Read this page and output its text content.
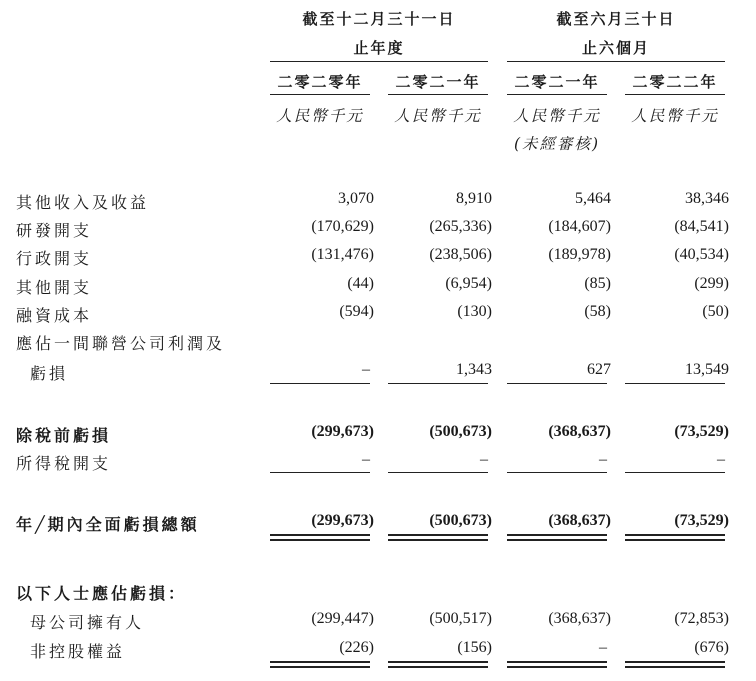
截至十二月三十一日
止年度
截至六月三十日
止六個月
二零二零年	二零二一年	二零二一年	二零二二年
人民幣千元	人民幣千元	人民幣千元	人民幣千元
(未經審核)
其他收入及收益	3,070	8,910	5,464	38,346
研發開支	(170,629)	(265,336)	(184,607)	(84,541)
行政開支	(131,476)	(238,506)	(189,978)	(40,534)
其他開支	(44)	(6,954)	(85)	(299)
融資成本	(594)	(130)	(58)	(50)
應佔一間聯營公司利潤及
虧損	–	1,343	627	13,549
除稅前虧損	(299,673)	(500,673)	(368,637)	(73,529)
所得稅開支	–	–	–	–
年╱期內全面虧損總額	(299,673)	(500,673)	(368,637)	(73,529)
以下人士應佔虧損：
母公司擁有人	(299,447)	(500,517)	(368,637)	(72,853)
非控股權益	(226)	(156)	–	(676)
